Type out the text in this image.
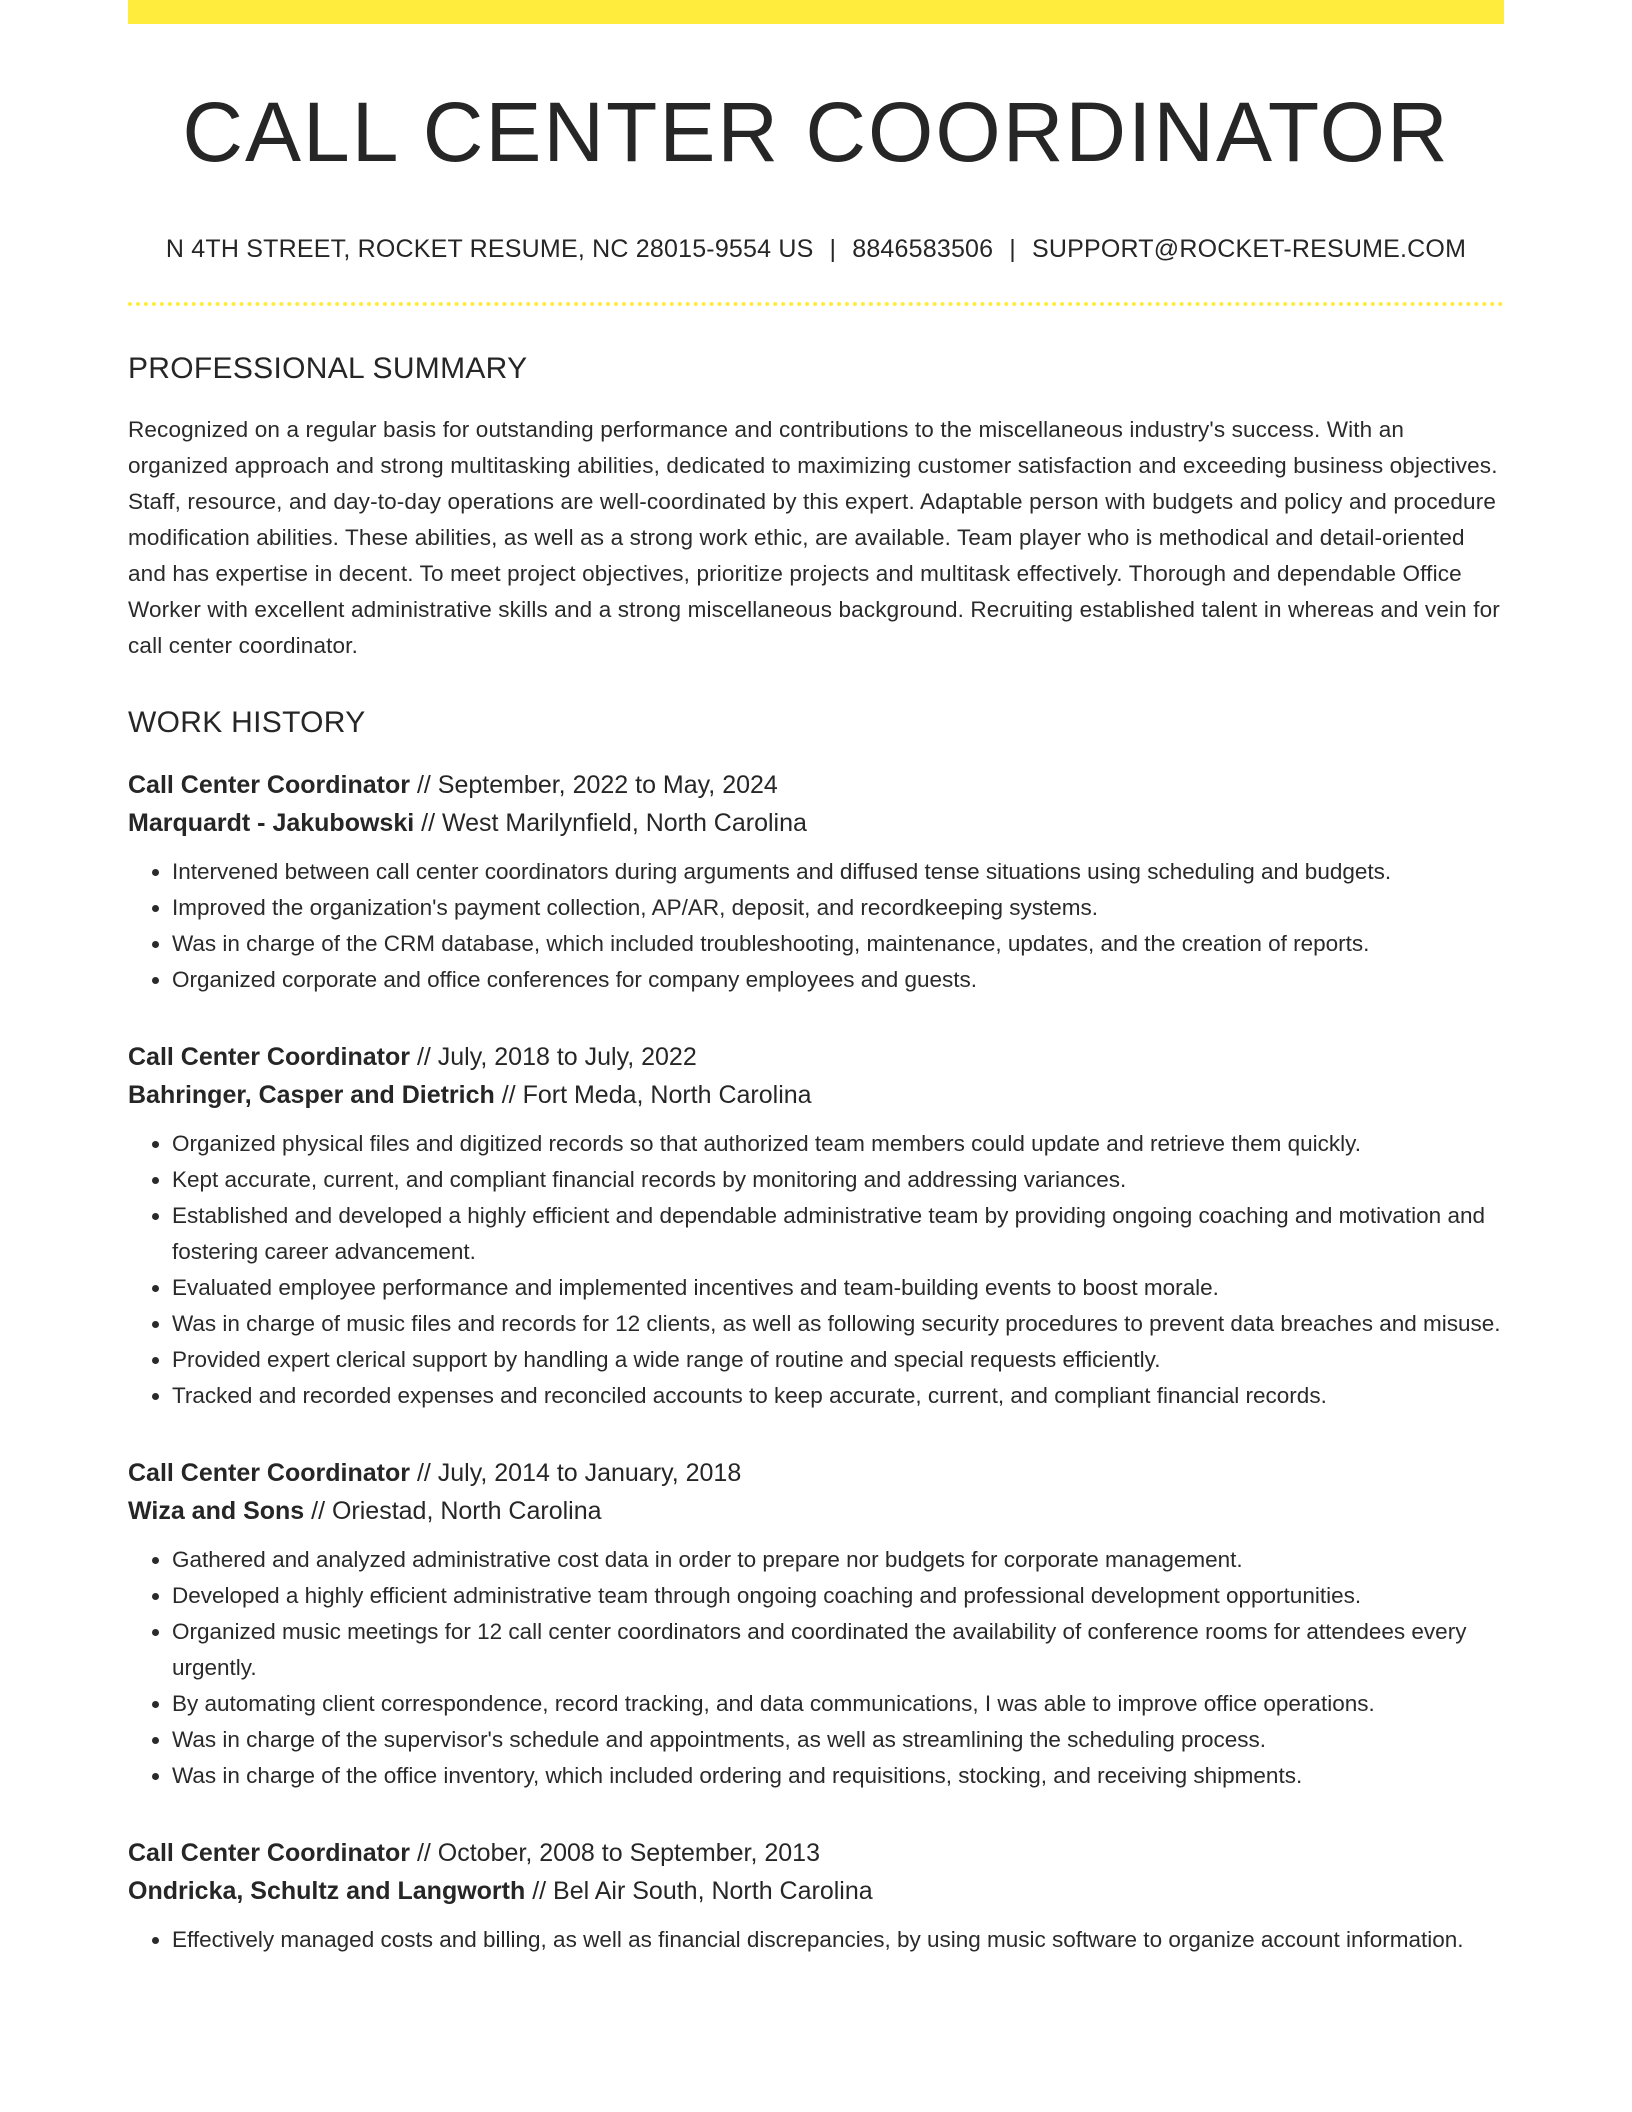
CALL CENTER COORDINATOR
N 4TH STREET, ROCKET RESUME, NC 28015-9554 US | 8846583506 | SUPPORT@ROCKET-RESUME.COM
PROFESSIONAL SUMMARY
Recognized on a regular basis for outstanding performance and contributions to the miscellaneous industry's success. With an organized approach and strong multitasking abilities, dedicated to maximizing customer satisfaction and exceeding business objectives. Staff, resource, and day-to-day operations are well-coordinated by this expert. Adaptable person with budgets and policy and procedure modification abilities. These abilities, as well as a strong work ethic, are available. Team player who is methodical and detail-oriented and has expertise in decent. To meet project objectives, prioritize projects and multitask effectively. Thorough and dependable Office Worker with excellent administrative skills and a strong miscellaneous background. Recruiting established talent in whereas and vein for call center coordinator.
WORK HISTORY
Call Center Coordinator // September, 2022 to May, 2024
Marquardt - Jakubowski // West Marilynfield, North Carolina
• Intervened between call center coordinators during arguments and diffused tense situations using scheduling and budgets.
• Improved the organization's payment collection, AP/AR, deposit, and recordkeeping systems.
• Was in charge of the CRM database, which included troubleshooting, maintenance, updates, and the creation of reports.
• Organized corporate and office conferences for company employees and guests.
Call Center Coordinator // July, 2018 to July, 2022
Bahringer, Casper and Dietrich // Fort Meda, North Carolina
• Organized physical files and digitized records so that authorized team members could update and retrieve them quickly.
• Kept accurate, current, and compliant financial records by monitoring and addressing variances.
• Established and developed a highly efficient and dependable administrative team by providing ongoing coaching and motivation and fostering career advancement.
• Evaluated employee performance and implemented incentives and team-building events to boost morale.
• Was in charge of music files and records for 12 clients, as well as following security procedures to prevent data breaches and misuse.
• Provided expert clerical support by handling a wide range of routine and special requests efficiently.
• Tracked and recorded expenses and reconciled accounts to keep accurate, current, and compliant financial records.
Call Center Coordinator // July, 2014 to January, 2018
Wiza and Sons // Oriestad, North Carolina
• Gathered and analyzed administrative cost data in order to prepare nor budgets for corporate management.
• Developed a highly efficient administrative team through ongoing coaching and professional development opportunities.
• Organized music meetings for 12 call center coordinators and coordinated the availability of conference rooms for attendees every urgently.
• By automating client correspondence, record tracking, and data communications, I was able to improve office operations.
• Was in charge of the supervisor's schedule and appointments, as well as streamlining the scheduling process.
• Was in charge of the office inventory, which included ordering and requisitions, stocking, and receiving shipments.
Call Center Coordinator // October, 2008 to September, 2013
Ondricka, Schultz and Langworth // Bel Air South, North Carolina
• Effectively managed costs and billing, as well as financial discrepancies, by using music software to organize account information.
